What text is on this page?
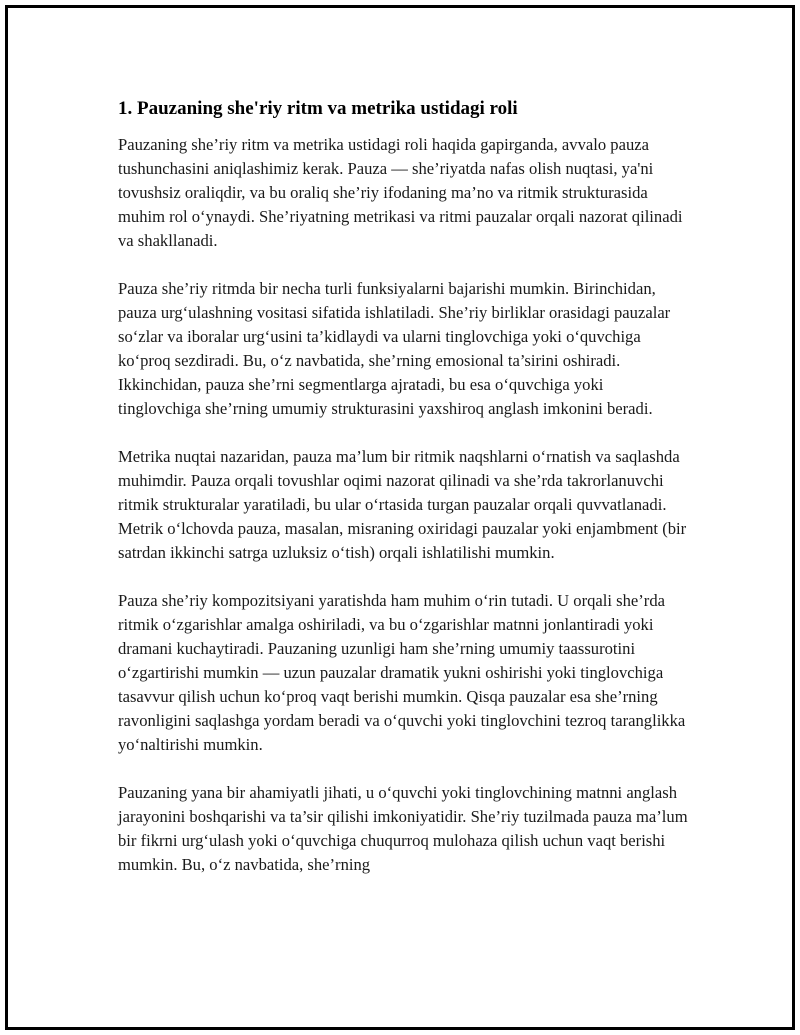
1. Pauzaning she'riy ritm va metrika ustidagi roli

Pauzaning she’riy ritm va metrika ustidagi roli haqida gapirganda, avvalo pauza tushunchasini aniqlashimiz kerak. Pauza — she’riyatda nafas olish nuqtasi, ya'ni tovushsiz oraliqdir, va bu oraliq she’riy ifodaning ma’no va ritmik strukturasida muhim rol o‘ynaydi. She’riyatning metrikasi va ritmi pauzalar orqali nazorat qilinadi va shakllanadi.

Pauza she’riy ritmda bir necha turli funksiyalarni bajarishi mumkin. Birinchidan, pauza urg‘ulashning vositasi sifatida ishlatiladi. She’riy birliklar orasidagi pauzalar so‘zlar va iboralar urg‘usini ta’kidlaydi va ularni tinglovchiga yoki o‘quvchiga ko‘proq sezdiradi. Bu, o‘z navbatida, she’rning emosional ta’sirini oshiradi. Ikkinchidan, pauza she’rni segmentlarga ajratadi, bu esa o‘quvchiga yoki tinglovchiga she’rning umumiy strukturasini yaxshiroq anglash imkonini beradi.

Metrika nuqtai nazaridan, pauza ma’lum bir ritmik naqshlarni o‘rnatish va saqlashda muhimdir. Pauza orqali tovushlar oqimi nazorat qilinadi va she’rda takrorlanuvchi ritmik strukturalar yaratiladi, bu ular o‘rtasida turgan pauzalar orqali quvvatlanadi. Metrik o‘lchovda pauza, masalan, misraning oxiridagi pauzalar yoki enjambment (bir satrdan ikkinchi satrga uzluksiz o‘tish) orqali ishlatilishi mumkin.

Pauza she’riy kompozitsiyani yaratishda ham muhim o‘rin tutadi. U orqali she’rda ritmik o‘zgarishlar amalga oshiriladi, va bu o‘zgarishlar matnni jonlantiradi yoki dramani kuchaytiradi. Pauzaning uzunligi ham she’rning umumiy taassurotini o‘zgartirishi mumkin — uzun pauzalar dramatik yukni oshirishi yoki tinglovchiga tasavvur qilish uchun ko‘proq vaqt berishi mumkin. Qisqa pauzalar esa she’rning ravonligini saqlashga yordam beradi va o‘quvchi yoki tinglovchini tezroq taranglikka yo‘naltirishi mumkin.

Pauzaning yana bir ahamiyatli jihati, u o‘quvchi yoki tinglovchining matnni anglash jarayonini boshqarishi va ta’sir qilishi imkoniyatidir. She’riy tuzilmada pauza ma’lum bir fikrni urg‘ulash yoki o‘quvchiga chuqurroq mulohaza qilish uchun vaqt berishi mumkin. Bu, o‘z navbatida, she’rning
